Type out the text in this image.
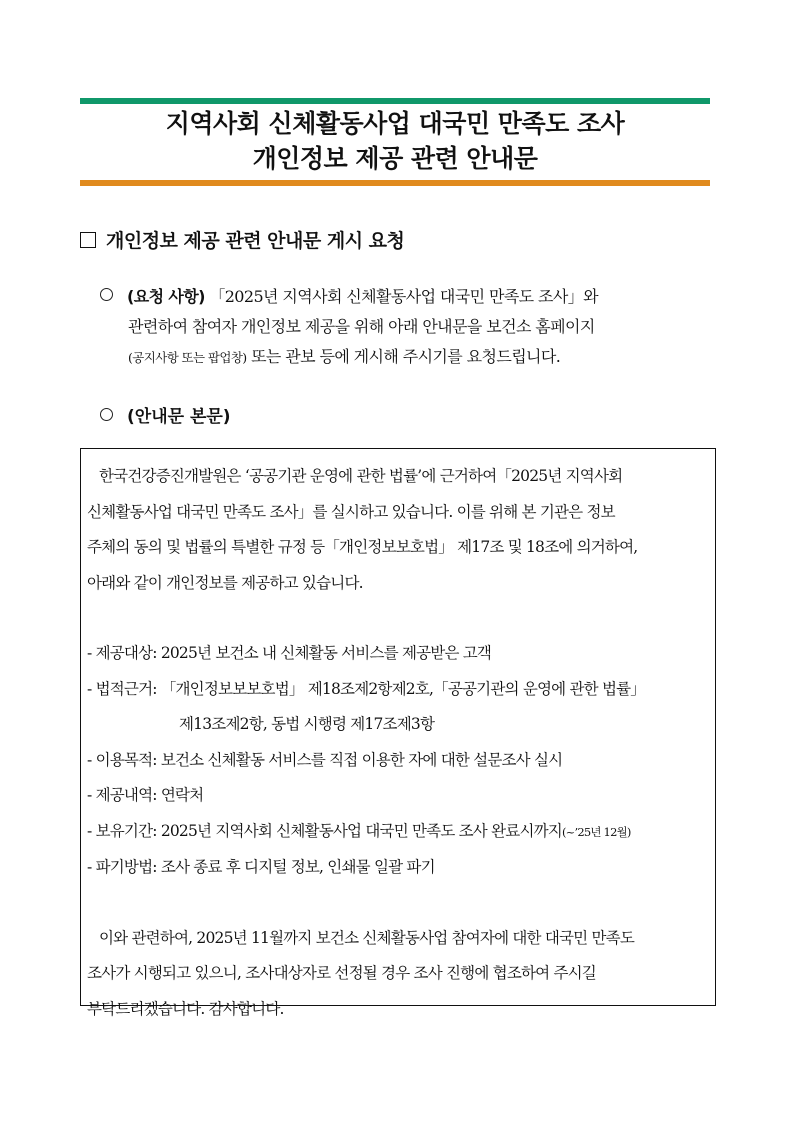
지역사회 신체활동사업 대국민 만족도 조사
개인정보 제공 관련 안내문
개인정보 제공 관련 안내문 게시 요청
(요청 사항) 「2025년 지역사회 신체활동사업 대국민 만족도 조사」와
관련하여 참여자 개인정보 제공을 위해 아래 안내문을 보건소 홈페이지
(공지사항 또는 팝업창) 또는 관보 등에 게시해 주시기를 요청드립니다.
(안내문 본문)
한국건강증진개발원은 ‘공공기관 운영에 관한 법률’에 근거하여「2025년 지역사회
신체활동사업 대국민 만족도 조사」를 실시하고 있습니다. 이를 위해 본 기관은 정보
주체의 동의 및 법률의 특별한 규정 등「개인정보보호법」 제17조 및 18조에 의거하여,
아래와 같이 개인정보를 제공하고 있습니다.
- 제공대상: 2025년 보건소 내 신체활동 서비스를 제공받은 고객
- 법적근거: 「개인정보보보호법」 제18조제2항제2호,「공공기관의 운영에 관한 법률」
제13조제2항, 동법 시행령 제17조제3항
- 이용목적: 보건소 신체활동 서비스를 직접 이용한 자에 대한 설문조사 실시
- 제공내역: 연락처
- 보유기간: 2025년 지역사회 신체활동사업 대국민 만족도 조사 완료시까지(~’25년 12월)
- 파기방법: 조사 종료 후 디지털 정보, 인쇄물 일괄 파기
이와 관련하여, 2025년 11월까지 보건소 신체활동사업 참여자에 대한 대국민 만족도
조사가 시행되고 있으니, 조사대상자로 선정될 경우 조사 진행에 협조하여 주시길
부탁드리겠습니다. 감사합니다.
